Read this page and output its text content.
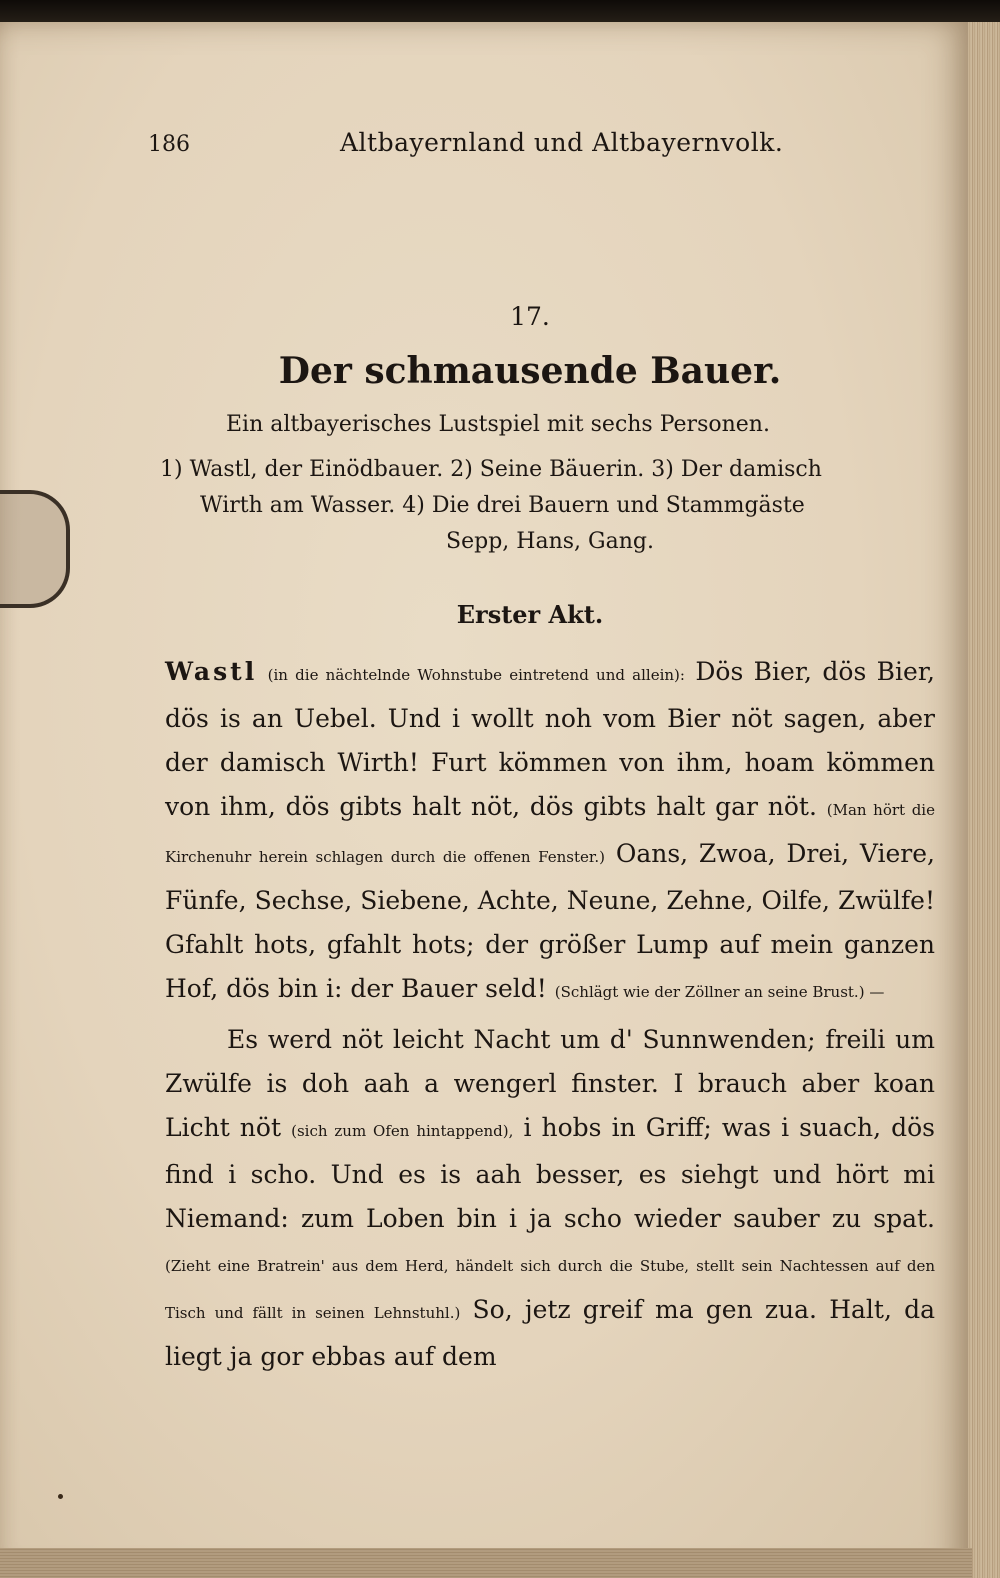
186	Altbayernland und Altbayernvolk.
17.
Der schmausende Bauer.
Ein altbayerisches Lustspiel mit sechs Personen.
1) Wastl, der Einödbauer. 2) Seine Bäuerin. 3) Der damisch
Wirth am Wasser. 4) Die drei Bauern und Stammgäste
Sepp, Hans, Gang.
Erster Akt.

Wastl (in die nächtelnde Wohnstube eintretend und allein): Dös Bier, dös Bier, dös is an Uebel. Und i wollt noh vom Bier nöt sagen, aber der damisch Wirth! Furt kömmen von ihm, hoam kömmen von ihm, dös gibts halt nöt, dös gibts halt gar nöt. (Man hört die Kirchenuhr herein schlagen durch die offenen Fenster.) Oans, Zwoa, Drei, Viere, Fünfe, Sechse, Siebene, Achte, Neune, Zehne, Oilfe, Zwülfe! Gfahlt hots, gfahlt hots; der größer Lump auf mein ganzen Hof, dös bin i: der Bauer seld! (Schlägt wie der Zöllner an seine Brust.) —

Es werd nöt leicht Nacht um d' Sunnwenden; freili um Zwülfe is doh aah a wengerl finster. I brauch aber koan Licht nöt (sich zum Ofen hintappend), i hobs in Griff; was i suach, dös find i scho. Und es is aah besser, es siehgt und hört mi Niemand: zum Loben bin i ja scho wieder sauber zu spat. (Zieht eine Bratrein' aus dem Herd, händelt sich durch die Stube, stellt sein Nachtessen auf den Tisch und fällt in seinen Lehnstuhl.) So, jetz greif ma gen zua. Halt, da liegt ja gor ebbas auf dem
